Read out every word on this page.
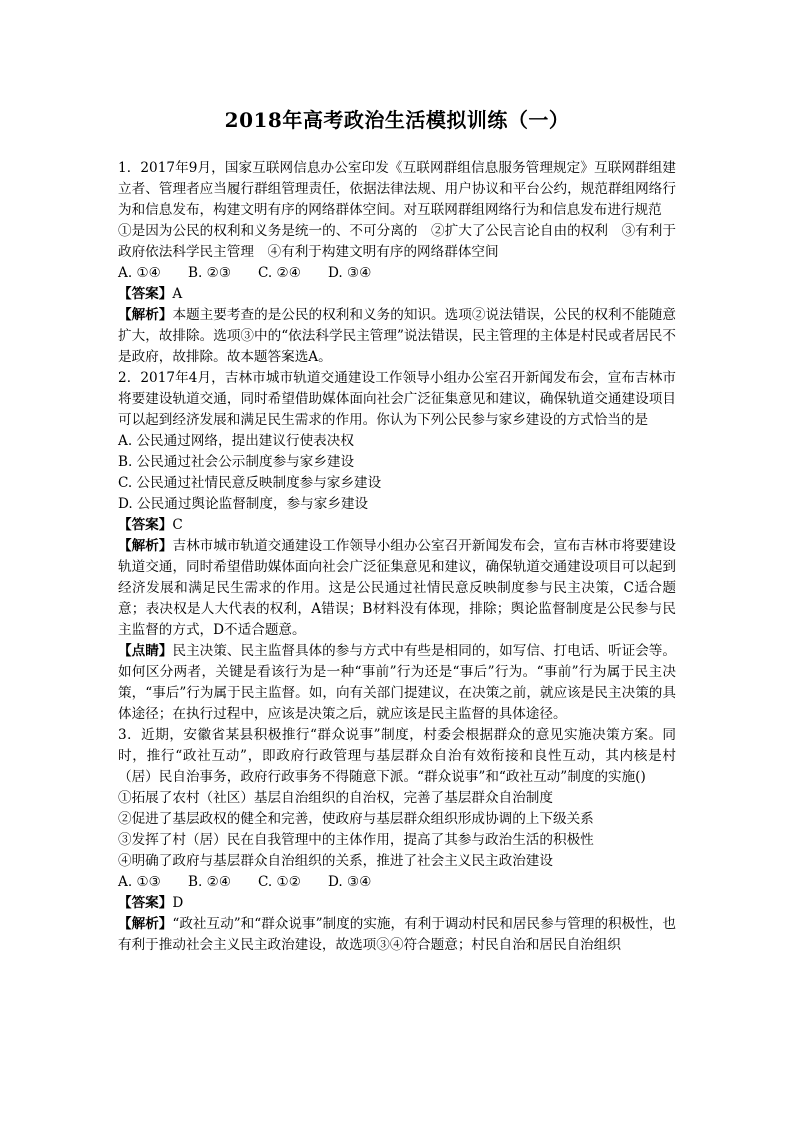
2018年高考政治生活模拟训练（一）

1．2017年9月，国家互联网信息办公室印发《互联网群组信息服务管理规定》互联网群组建立者、管理者应当履行群组管理责任，依据法律法规、用户协议和平台公约，规范群组网络行为和信息发布，构建文明有序的网络群体空间。对互联网群组网络行为和信息发布进行规范

①是因为公民的权利和义务是统一的、不可分离的　②扩大了公民言论自由的权利　③有利于政府依法科学民主管理　④有利于构建文明有序的网络群体空间

A. ①④	B. ②③	C. ②④	D. ③④

【答案】A

【解析】本题主要考查的是公民的权利和义务的知识。选项②说法错误，公民的权利不能随意扩大，故排除。选项③中的“依法科学民主管理”说法错误，民主管理的主体是村民或者居民不是政府，故排除。故本题答案选A。

2．2017年4月，吉林市城市轨道交通建设工作领导小组办公室召开新闻发布会，宣布吉林市将要建设轨道交通，同时希望借助媒体面向社会广泛征集意见和建议，确保轨道交通建设项目可以起到经济发展和满足民生需求的作用。你认为下列公民参与家乡建设的方式恰当的是

A. 公民通过网络，提出建议行使表决权

B. 公民通过社会公示制度参与家乡建设

C. 公民通过社情民意反映制度参与家乡建设

D. 公民通过舆论监督制度，参与家乡建设

【答案】C

【解析】吉林市城市轨道交通建设工作领导小组办公室召开新闻发布会，宣布吉林市将要建设轨道交通，同时希望借助媒体面向社会广泛征集意见和建议，确保轨道交通建设项目可以起到经济发展和满足民生需求的作用。这是公民通过社情民意反映制度参与民主决策，C适合题意；表决权是人大代表的权利，A错误；B材料没有体现，排除；舆论监督制度是公民参与民主监督的方式，D不适合题意。

【点睛】民主决策、民主监督具体的参与方式中有些是相同的，如写信、打电话、听证会等。如何区分两者，关键是看该行为是一种“事前”行为还是“事后”行为。“事前”行为属于民主决策，“事后”行为属于民主监督。如，向有关部门提建议，在决策之前，就应该是民主决策的具体途径；在执行过程中，应该是决策之后，就应该是民主监督的具体途径。

3．近期，安徽省某县积极推行“群众说事”制度，村委会根据群众的意见实施决策方案。同时，推行“政社互动”，即政府行政管理与基层群众自治有效衔接和良性互动，其内核是村（居）民自治事务，政府行政事务不得随意下派。“群众说事”和“政社互动”制度的实施()

①拓展了农村（社区）基层自治组织的自治权，完善了基层群众自治制度

②促进了基层政权的健全和完善，使政府与基层群众组织形成协调的上下级关系

③发挥了村（居）民在自我管理中的主体作用，提高了其参与政治生活的积极性

④明确了政府与基层群众自治组织的关系，推进了社会主义民主政治建设

A. ①③	B. ②④	C. ①②	D. ③④

【答案】D

【解析】“政社互动”和“群众说事”制度的实施，有利于调动村民和居民参与管理的积极性，也有利于推动社会主义民主政治建设，故选项③④符合题意；村民自治和居民自治组织
